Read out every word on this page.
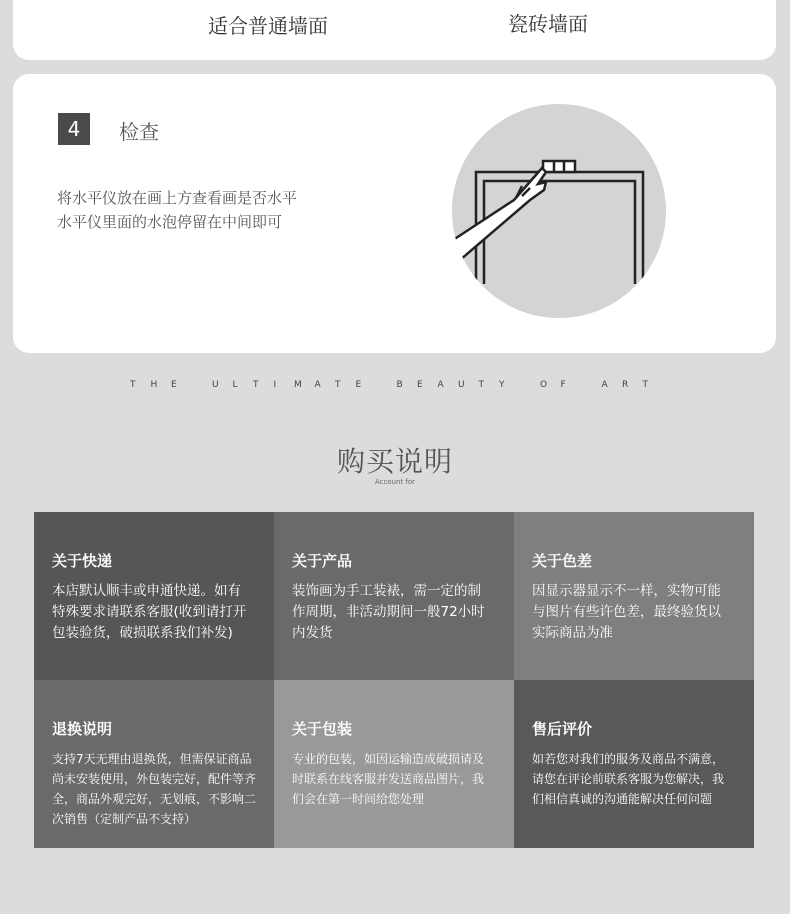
适合普通墙面	瓷砖墙面
4	检查
将水平仪放在画上方查看画是否水平
水平仪里面的水泡停留在中间即可
T H E	U L T I M A T E	B E A U T Y	O F	A R T
购买说明
Account for
关于快递
本店默认顺丰或申通快递。如有
特殊要求请联系客服(收到请打开
包装验货，破损联系我们补发)
关于产品
装饰画为手工装裱，需一定的制
作周期，非活动期间一般72小时
内发货
关于色差
因显示器显示不一样，实物可能
与图片有些许色差，最终验货以
实际商品为准
退换说明
支持7天无理由退换货，但需保证商品
尚未安装使用，外包装完好，配件等齐
全，商品外观完好，无划痕，不影响二
次销售（定制产品不支持）
关于包装
专业的包装，如因运输造成破损请及
时联系在线客服并发送商品图片，我
们会在第一时间给您处理
售后评价
如若您对我们的服务及商品不满意，
请您在评论前联系客服为您解决，我
们相信真诚的沟通能解决任何问题
